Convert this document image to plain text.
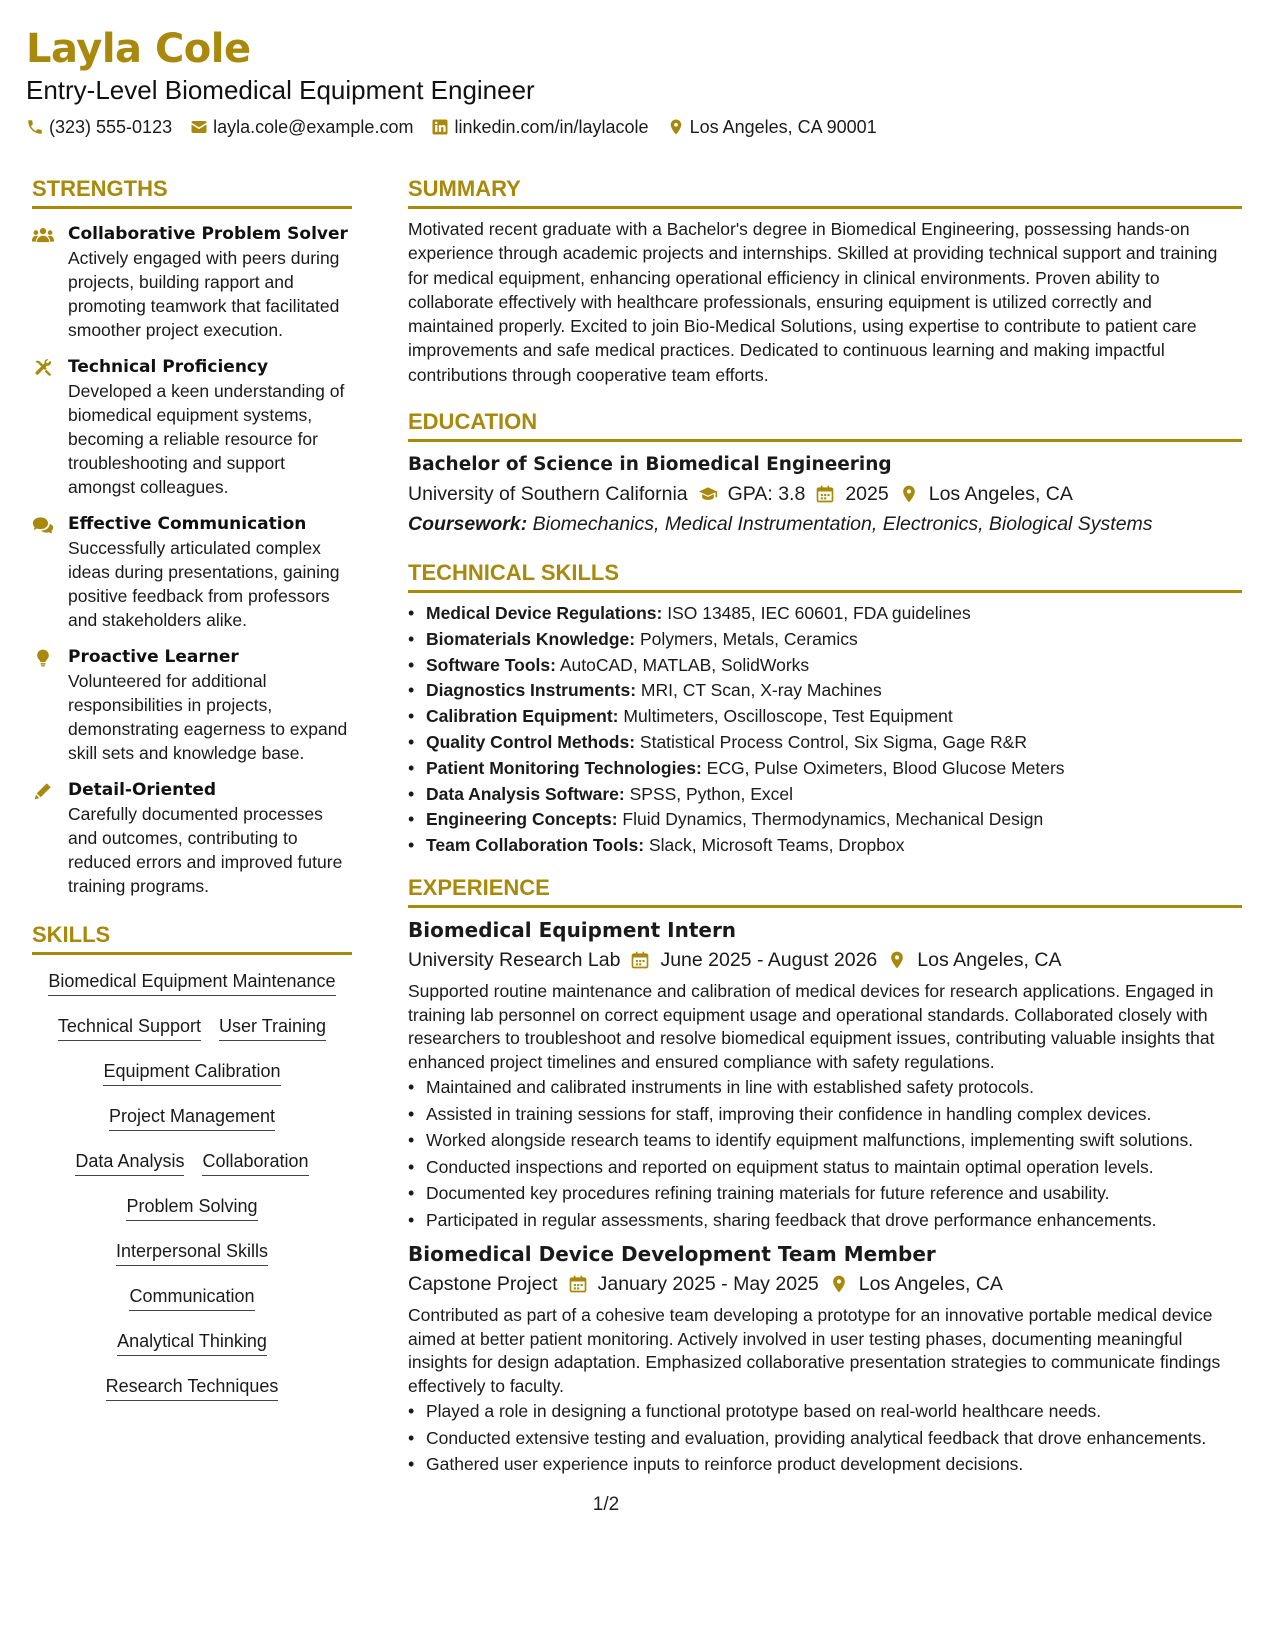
Layla Cole
Entry-Level Biomedical Equipment Engineer
(323) 555-0123 layla.cole@example.com linkedin.com/in/laylacole Los Angeles, CA 90001
STRENGTHS
Collaborative Problem Solver
Actively engaged with peers during projects, building rapport and promoting teamwork that facilitated smoother project execution.
Technical Proficiency
Developed a keen understanding of biomedical equipment systems, becoming a reliable resource for troubleshooting and support amongst colleagues.
Effective Communication
Successfully articulated complex ideas during presentations, gaining positive feedback from professors and stakeholders alike.
Proactive Learner
Volunteered for additional responsibilities in projects, demonstrating eagerness to expand skill sets and knowledge base.
Detail-Oriented
Carefully documented processes and outcomes, contributing to reduced errors and improved future training programs.
SKILLS
Biomedical Equipment Maintenance
Technical Support User Training
Equipment Calibration
Project Management
Data Analysis Collaboration
Problem Solving
Interpersonal Skills
Communication
Analytical Thinking
Research Techniques
SUMMARY
Motivated recent graduate with a Bachelor's degree in Biomedical Engineering, possessing hands-on experience through academic projects and internships. Skilled at providing technical support and training for medical equipment, enhancing operational efficiency in clinical environments. Proven ability to collaborate effectively with healthcare professionals, ensuring equipment is utilized correctly and maintained properly. Excited to join Bio-Medical Solutions, using expertise to contribute to patient care improvements and safe medical practices. Dedicated to continuous learning and making impactful contributions through cooperative team efforts.
EDUCATION
Bachelor of Science in Biomedical Engineering
University of Southern California GPA: 3.8 2025 Los Angeles, CA
Coursework: Biomechanics, Medical Instrumentation, Electronics, Biological Systems
TECHNICAL SKILLS
• Medical Device Regulations: ISO 13485, IEC 60601, FDA guidelines
• Biomaterials Knowledge: Polymers, Metals, Ceramics
• Software Tools: AutoCAD, MATLAB, SolidWorks
• Diagnostics Instruments: MRI, CT Scan, X-ray Machines
• Calibration Equipment: Multimeters, Oscilloscope, Test Equipment
• Quality Control Methods: Statistical Process Control, Six Sigma, Gage R&R
• Patient Monitoring Technologies: ECG, Pulse Oximeters, Blood Glucose Meters
• Data Analysis Software: SPSS, Python, Excel
• Engineering Concepts: Fluid Dynamics, Thermodynamics, Mechanical Design
• Team Collaboration Tools: Slack, Microsoft Teams, Dropbox
EXPERIENCE
Biomedical Equipment Intern
University Research Lab June 2025 - August 2026 Los Angeles, CA
Supported routine maintenance and calibration of medical devices for research applications. Engaged in training lab personnel on correct equipment usage and operational standards. Collaborated closely with researchers to troubleshoot and resolve biomedical equipment issues, contributing valuable insights that enhanced project timelines and ensured compliance with safety regulations.
• Maintained and calibrated instruments in line with established safety protocols.
• Assisted in training sessions for staff, improving their confidence in handling complex devices.
• Worked alongside research teams to identify equipment malfunctions, implementing swift solutions.
• Conducted inspections and reported on equipment status to maintain optimal operation levels.
• Documented key procedures refining training materials for future reference and usability.
• Participated in regular assessments, sharing feedback that drove performance enhancements.
Biomedical Device Development Team Member
Capstone Project January 2025 - May 2025 Los Angeles, CA
Contributed as part of a cohesive team developing a prototype for an innovative portable medical device aimed at better patient monitoring. Actively involved in user testing phases, documenting meaningful insights for design adaptation. Emphasized collaborative presentation strategies to communicate findings effectively to faculty.
• Played a role in designing a functional prototype based on real-world healthcare needs.
• Conducted extensive testing and evaluation, providing analytical feedback that drove enhancements.
• Gathered user experience inputs to reinforce product development decisions.
1/2
